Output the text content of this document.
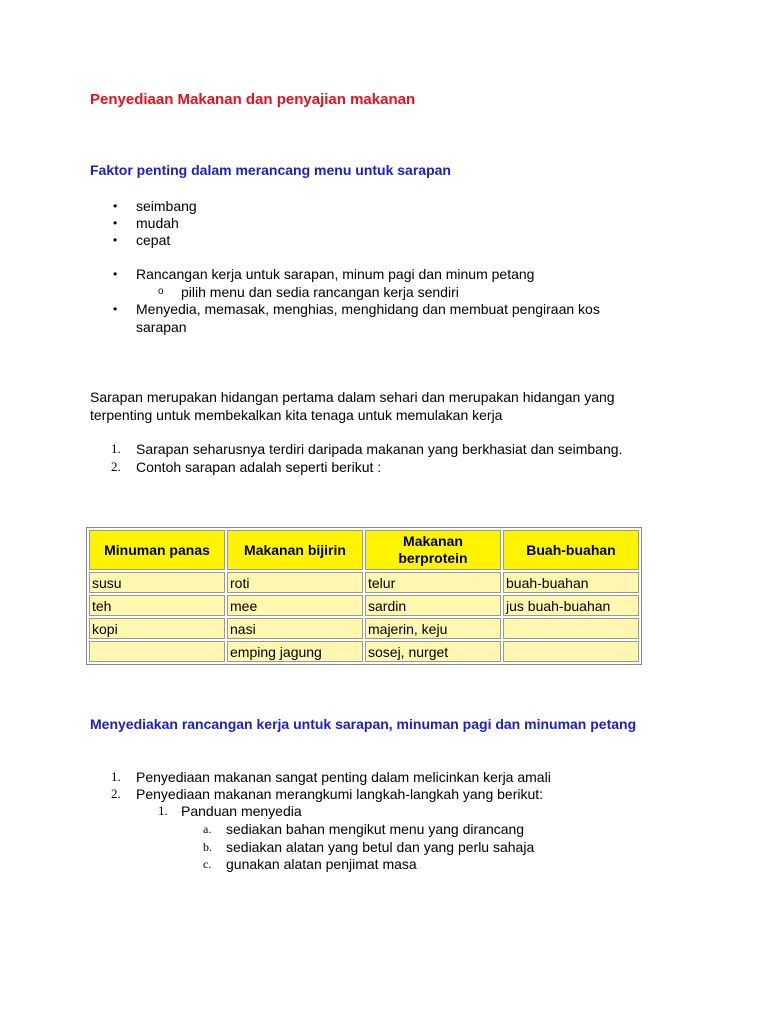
Penyediaan Makanan dan penyajian makanan
Faktor penting dalam merancang menu untuk sarapan
• seimbang
• mudah
• cepat
• Rancangan kerja untuk sarapan, minum pagi dan minum petang
o pilih menu dan sedia rancangan kerja sendiri
• Menyedia, memasak, menghias, menghidang dan membuat pengiraan kos
sarapan
Sarapan merupakan hidangan pertama dalam sehari dan merupakan hidangan yang
terpenting untuk membekalkan kita tenaga untuk memulakan kerja
1. Sarapan seharusnya terdiri daripada makanan yang berkhasiat dan seimbang.
2. Contoh sarapan adalah seperti berikut :
Minuman panas	Makanan bijirin	Makanan berprotein	Buah-buahan
susu	roti	telur	buah-buahan
teh	mee	sardin	jus buah-buahan
kopi	nasi	majerin, keju	
	emping jagung	sosej, nurget	
Menyediakan rancangan kerja untuk sarapan, minuman pagi dan minuman petang
1. Penyediaan makanan sangat penting dalam melicinkan kerja amali
2. Penyediaan makanan merangkumi langkah-langkah yang berikut:
1. Panduan menyedia
a. sediakan bahan mengikut menu yang dirancang
b. sediakan alatan yang betul dan yang perlu sahaja
c. gunakan alatan penjimat masa
